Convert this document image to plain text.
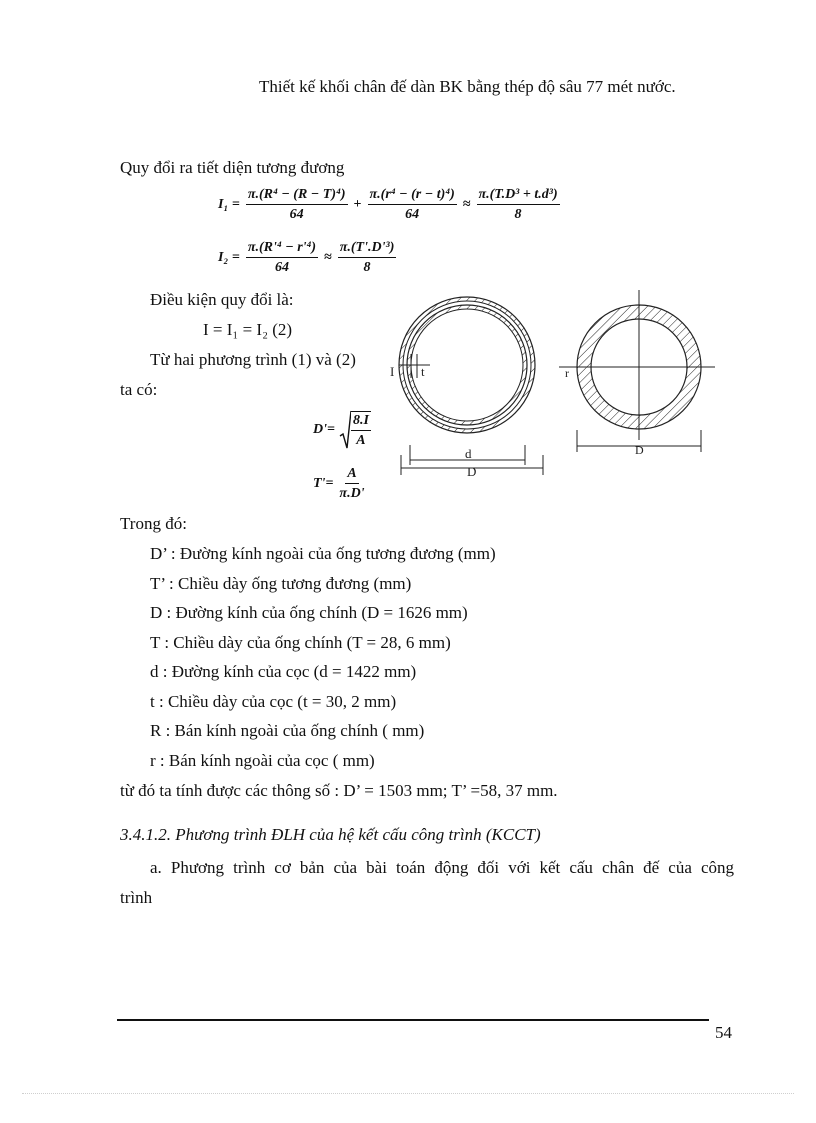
Thiết kế khối chân đế dàn BK bằng thép độ sâu 77 mét nước.
Quy đổi ra tiết diện tương đương
$I_1 = \frac{\text{π.(R⁴ − (R − T)⁴)}}{64} + \frac{\text{π.(r⁴ − (r − t)⁴)}}{64} \approx \frac{\text{π.(T.D³ + t.d³)}}{8}$
$I_2 = \frac{\text{π.(R'⁴ − r'⁴)}}{64} \approx \frac{\text{π.(T'.D'³)}}{8}$
Điều kiện quy đổi là:
I = I₁ = I₂ (2)
Từ hai phương trình (1) và (2)
ta có:
$D'= \frac{8.I}{A}$
$T'= \frac{A}{\pi.D'}$
I t
d
D
r
D
Trong đó:
D’ : Đường kính ngoài của ống tương đương (mm)
T’ : Chiều dày ống tương đương (mm)
D : Đường kính của ống chính (D = 1626 mm)
T : Chiều dày của ống chính (T = 28, 6 mm)
d : Đường kính của cọc (d = 1422 mm)
t : Chiều dày của cọc (t = 30, 2 mm)
R : Bán kính ngoài của ống chính ( mm)
r : Bán kính ngoài của cọc ( mm)
từ đó ta tính được các thông số : D’ = 1503 mm; T’ =58, 37 mm.
3.4.1.2. Phương trình ĐLH của hệ kết cấu công trình (KCCT)
a. Phương trình cơ bản của bài toán động đối với kết cấu chân đế của công
trình
54
